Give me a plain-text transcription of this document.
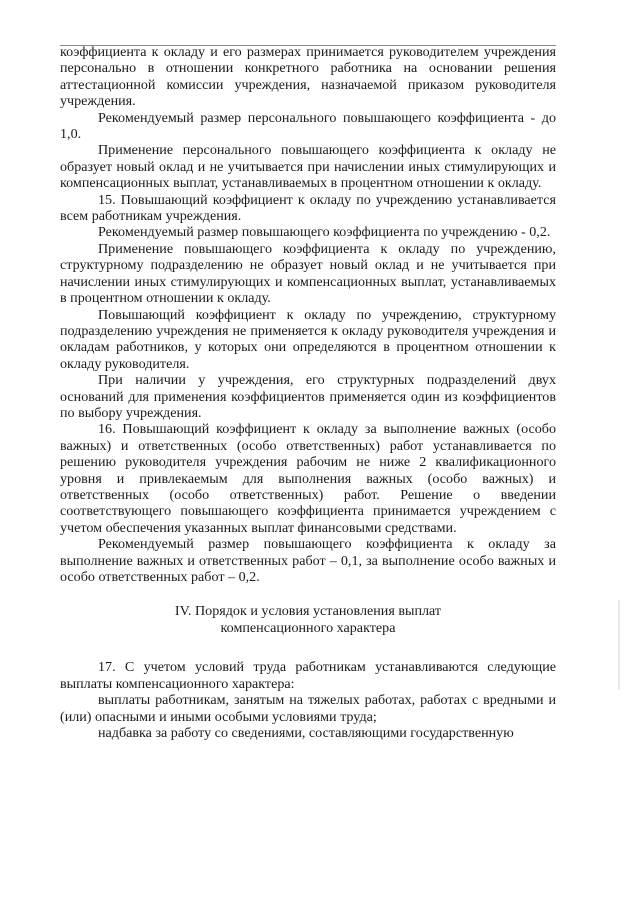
коэффициента к окладу и его размерах принимается руководителем учреждения персонально в отношении конкретного работника на основании решения аттестационной комиссии учреждения, назначаемой приказом руководителя учреждения.

Рекомендуемый размер персонального повышающего коэффициента - до 1,0.

Применение персонального повышающего коэффициента к окладу не образует новый оклад и не учитывается при начислении иных стимулирующих и компенсационных выплат, устанавливаемых в процентном отношении к окладу.

15. Повышающий коэффициент к окладу по учреждению устанавливается всем работникам учреждения.

Рекомендуемый размер повышающего коэффициента по учреждению - 0,2.

Применение повышающего коэффициента к окладу по учреждению, структурному подразделению не образует новый оклад и не учитывается при начислении иных стимулирующих и компенсационных выплат, устанавливаемых в процентном отношении к окладу.

Повышающий коэффициент к окладу по учреждению, структурному подразделению учреждения не применяется к окладу руководителя учреждения и окладам работников, у которых они определяются в процентном отношении к окладу руководителя.

При наличии у учреждения, его структурных подразделений двух оснований для применения коэффициентов применяется один из коэффициентов по выбору учреждения.

16. Повышающий коэффициент к окладу за выполнение важных (особо важных) и ответственных (особо ответственных) работ устанавливается по решению руководителя учреждения рабочим не ниже 2 квалификационного уровня и привлекаемым для выполнения важных (особо важных) и ответственных (особо ответственных) работ. Решение о введении соответствующего повышающего коэффициента принимается учреждением с учетом обеспечения указанных выплат финансовыми средствами.

Рекомендуемый размер повышающего коэффициента к окладу за выполнение важных и ответственных работ – 0,1, за выполнение особо важных и особо ответственных работ – 0,2.

IV. Порядок и условия установления выплат
компенсационного характера

17. С учетом условий труда работникам устанавливаются следующие выплаты компенсационного характера:

выплаты работникам, занятым на тяжелых работах, работах с вредными и (или) опасными и иными особыми условиями труда;

надбавка за работу со сведениями, составляющими государственную
